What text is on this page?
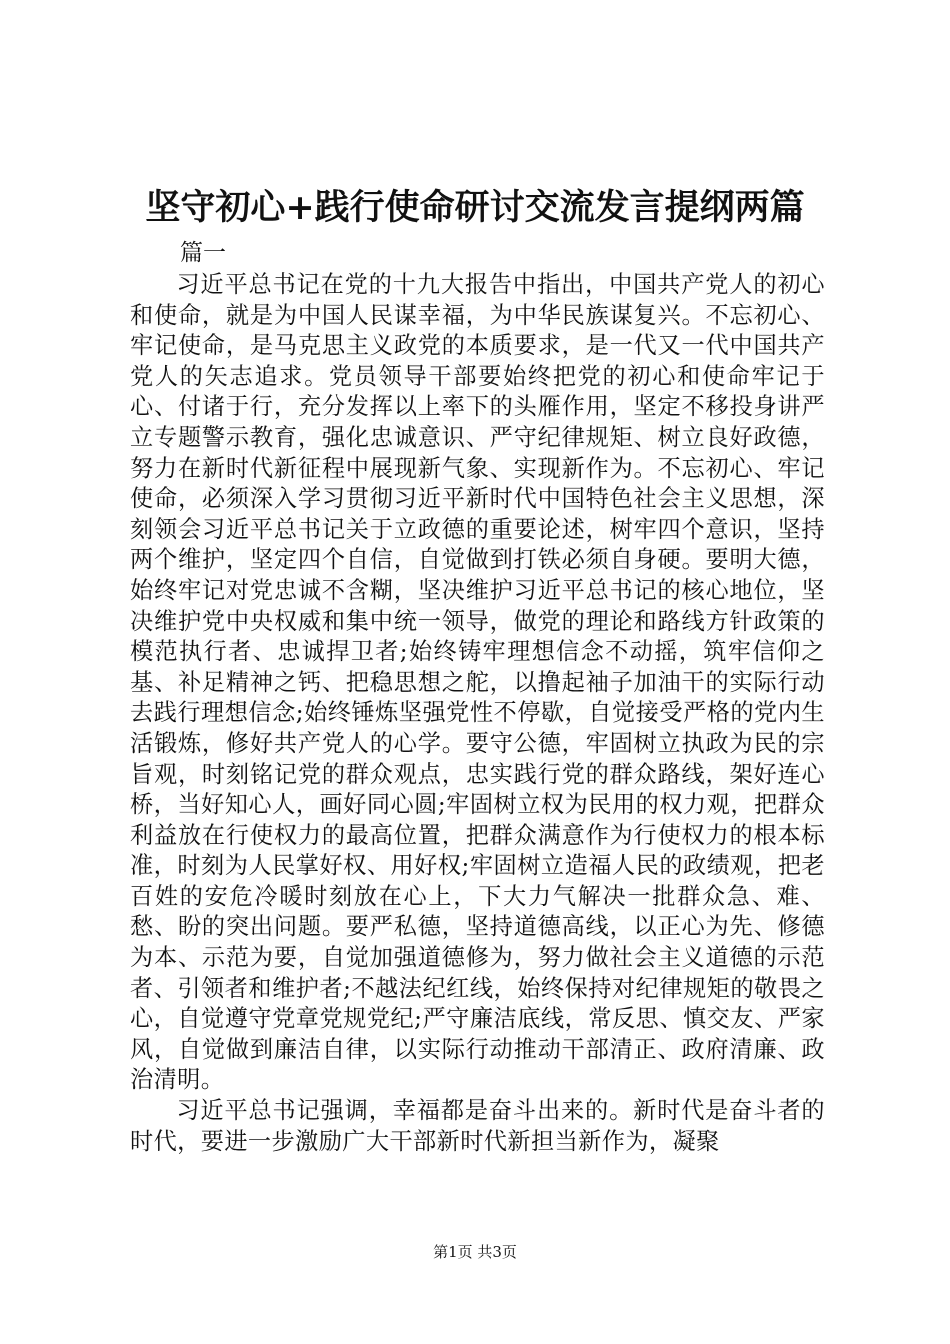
坚守初心+践行使命研讨交流发言提纲两篇
篇一

习近平总书记在党的十九大报告中指出，中国共产党人的初心和使命，就是为中国人民谋幸福，为中华民族谋复兴。不忘初心、牢记使命，是马克思主义政党的本质要求，是一代又一代中国共产党人的矢志追求。党员领导干部要始终把党的初心和使命牢记于心、付诸于行，充分发挥以上率下的头雁作用，坚定不移投身讲严立专题警示教育，强化忠诚意识、严守纪律规矩、树立良好政德，努力在新时代新征程中展现新气象、实现新作为。不忘初心、牢记使命，必须深入学习贯彻习近平新时代中国特色社会主义思想，深刻领会习近平总书记关于立政德的重要论述，树牢四个意识，坚持两个维护，坚定四个自信，自觉做到打铁必须自身硬。要明大德，始终牢记对党忠诚不含糊，坚决维护习近平总书记的核心地位，坚决维护党中央权威和集中统一领导，做党的理论和路线方针政策的模范执行者、忠诚捍卫者;始终铸牢理想信念不动摇，筑牢信仰之基、补足精神之钙、把稳思想之舵，以撸起袖子加油干的实际行动去践行理想信念;始终锤炼坚强党性不停歇，自觉接受严格的党内生活锻炼，修好共产党人的心学。要守公德，牢固树立执政为民的宗旨观，时刻铭记党的群众观点，忠实践行党的群众路线，架好连心桥，当好知心人，画好同心圆;牢固树立权为民用的权力观，把群众利益放在行使权力的最高位置，把群众满意作为行使权力的根本标准，时刻为人民掌好权、用好权;牢固树立造福人民的政绩观，把老百姓的安危冷暖时刻放在心上，下大力气解决一批群众急、难、愁、盼的突出问题。要严私德，坚持道德高线，以正心为先、修德为本、示范为要，自觉加强道德修为，努力做社会主义道德的示范者、引领者和维护者;不越法纪红线，始终保持对纪律规矩的敬畏之心，自觉遵守党章党规党纪;严守廉洁底线，常反思、慎交友、严家风，自觉做到廉洁自律，以实际行动推动干部清正、政府清廉、政治清明。

习近平总书记强调，幸福都是奋斗出来的。新时代是奋斗者的时代，要进一步激励广大干部新时代新担当新作为，凝聚

第1页 共3页
